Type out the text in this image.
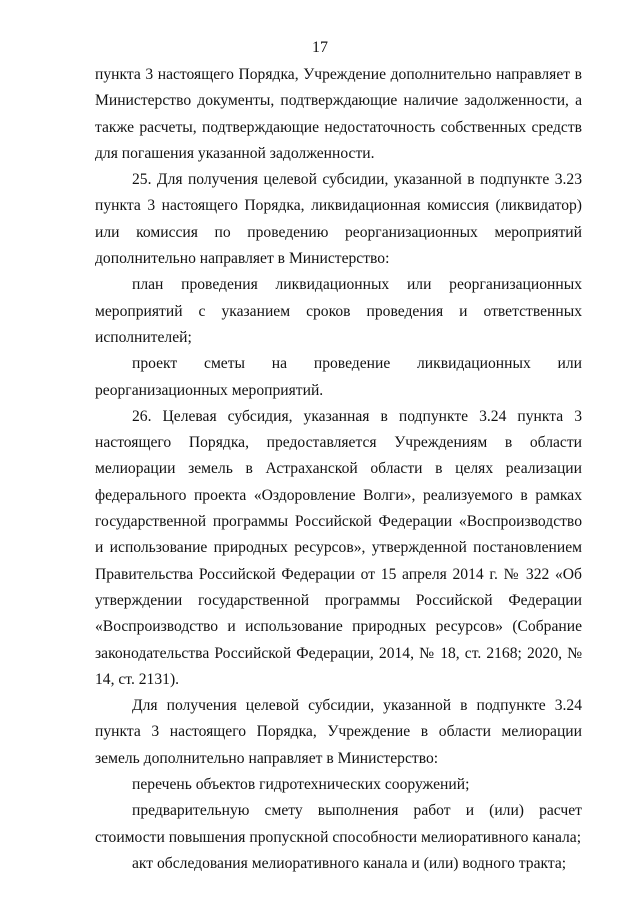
17

пункта 3 настоящего Порядка, Учреждение дополнительно направляет в Министерство документы, подтверждающие наличие задолженности, а также расчеты, подтверждающие недостаточность собственных средств для погашения указанной задолженности.

25. Для получения целевой субсидии, указанной в подпункте 3.23 пункта 3 настоящего Порядка, ликвидационная комиссия (ликвидатор) или комиссия по проведению реорганизационных мероприятий дополнительно направляет в Министерство:

план проведения ликвидационных или реорганизационных мероприятий с указанием сроков проведения и ответственных исполнителей;

проект сметы на проведение ликвидационных или реорганизационных мероприятий.

26. Целевая субсидия, указанная в подпункте 3.24 пункта 3 настоящего Порядка, предоставляется Учреждениям в области мелиорации земель в Астраханской области в целях реализации федерального проекта «Оздоровление Волги», реализуемого в рамках государственной программы Российской Федерации «Воспроизводство и использование природных ресурсов», утвержденной постановлением Правительства Российской Федерации от 15 апреля 2014 г. № 322 «Об утверждении государственной программы Российской Федерации «Воспроизводство и использование природных ресурсов» (Собрание законодательства Российской Федерации, 2014, № 18, ст. 2168; 2020, № 14, ст. 2131).

Для получения целевой субсидии, указанной в подпункте 3.24 пункта 3 настоящего Порядка, Учреждение в области мелиорации земель дополнительно направляет в Министерство:

перечень объектов гидротехнических сооружений;

предварительную смету выполнения работ и (или) расчет стоимости повышения пропускной способности мелиоративного канала;

акт обследования мелиоративного канала и (или) водного тракта;
